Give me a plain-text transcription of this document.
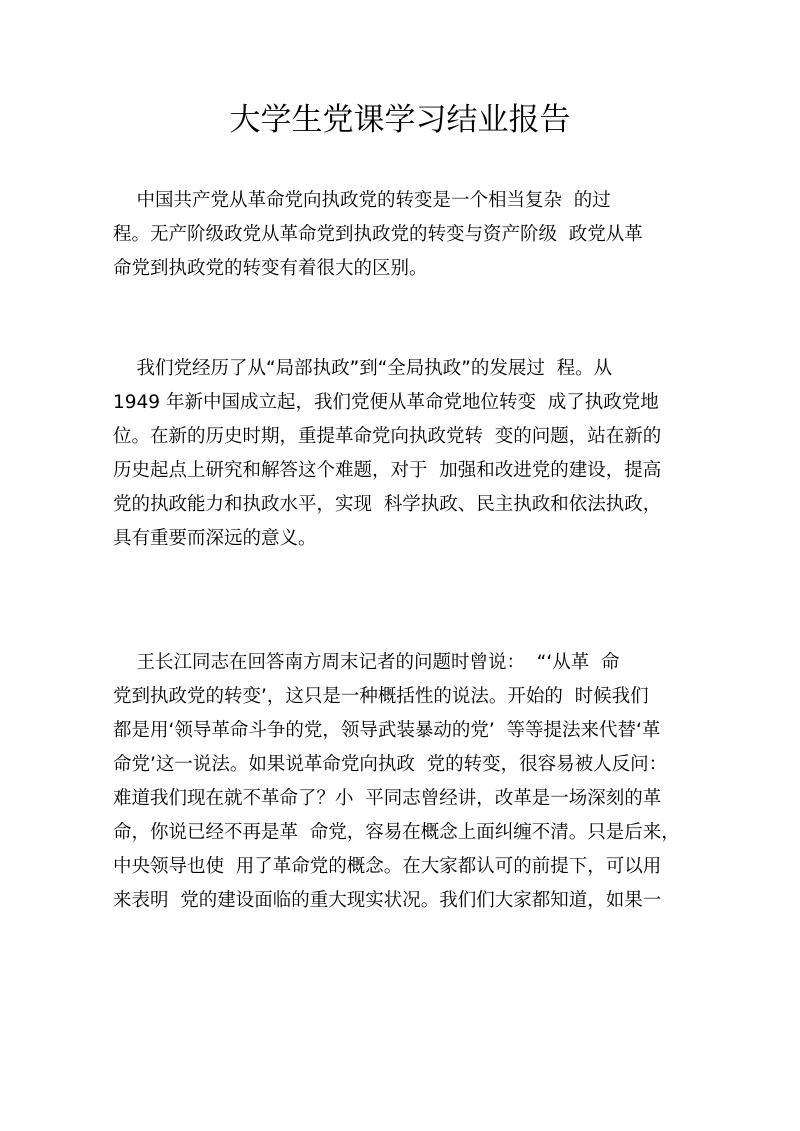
大学生党课学习结业报告
中国共产党从革命党向执政党的转变是一个相当复杂  的过
程。无产阶级政党从革命党到执政党的转变与资产阶级  政党从革
命党到执政党的转变有着很大的区别。
我们党经历了从“局部执政”到“全局执政”的发展过  程。从
1949 年新中国成立起，我们党便从革命党地位转变  成了执政党地
位。在新的历史时期，重提革命党向执政党转  变的问题，站在新的
历史起点上研究和解答这个难题，对于  加强和改进党的建设，提高
党的执政能力和执政水平，实现  科学执政、民主执政和依法执政，
具有重要而深远的意义。
王长江同志在回答南方周末记者的问题时曾说：  “‘从革  命
党到执政党的转变’，这只是一种概括性的说法。开始的  时候我们
都是用‘领导革命斗争的党，领导武装暴动的党’  等等提法来代替‘革
命党’这一说法。如果说革命党向执政  党的转变，很容易被人反问：
难道我们现在就不革命了？小  平同志曾经讲，改革是一场深刻的革
命，你说已经不再是革  命党，容易在概念上面纠缠不清。只是后来，
中央领导也使  用了革命党的概念。在大家都认可的前提下，可以用
来表明  党的建设面临的重大现实状况。我们们大家都知道，如果一
